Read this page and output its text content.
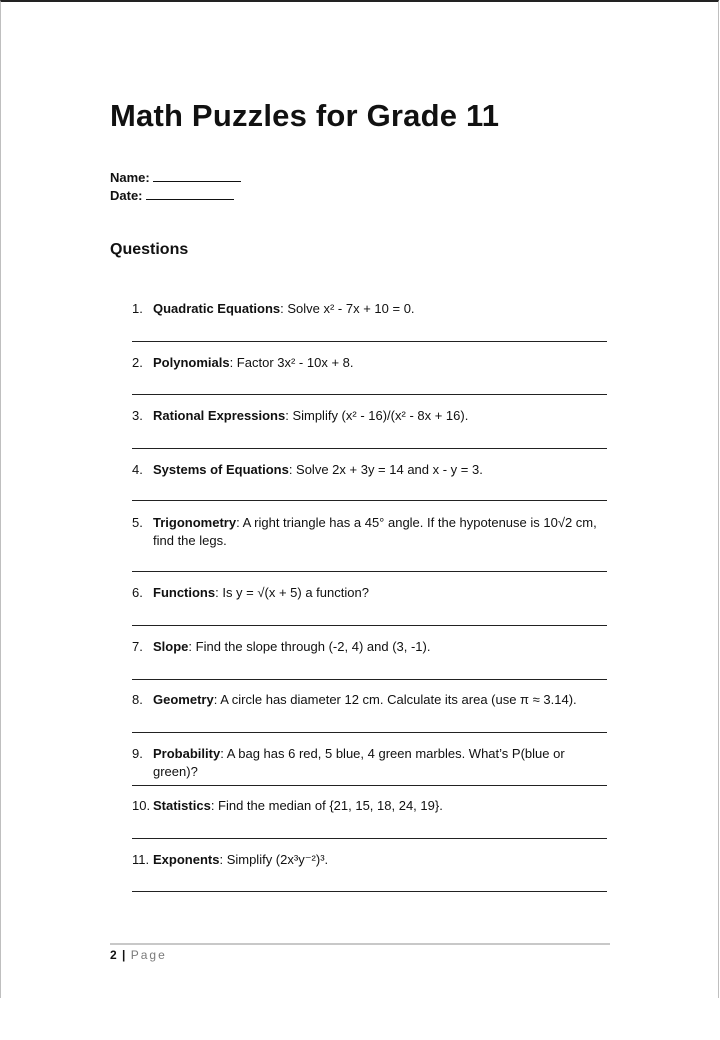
Math Puzzles for Grade 11
Name:
Date:
Questions
1. Quadratic Equations: Solve x² - 7x + 10 = 0.
2. Polynomials: Factor 3x² - 10x + 8.
3. Rational Expressions: Simplify (x² - 16)/(x² - 8x + 16).
4. Systems of Equations: Solve 2x + 3y = 14 and x - y = 3.
5. Trigonometry: A right triangle has a 45° angle. If the hypotenuse is 10√2 cm, find the legs.
6. Functions: Is y = √(x + 5) a function?
7. Slope: Find the slope through (-2, 4) and (3, -1).
8. Geometry: A circle has diameter 12 cm. Calculate its area (use π ≈ 3.14).
9. Probability: A bag has 6 red, 5 blue, 4 green marbles. What’s P(blue or green)?
10. Statistics: Find the median of {21, 15, 18, 24, 19}.
11. Exponents: Simplify (2x³y⁻²)³.
2 | Page
